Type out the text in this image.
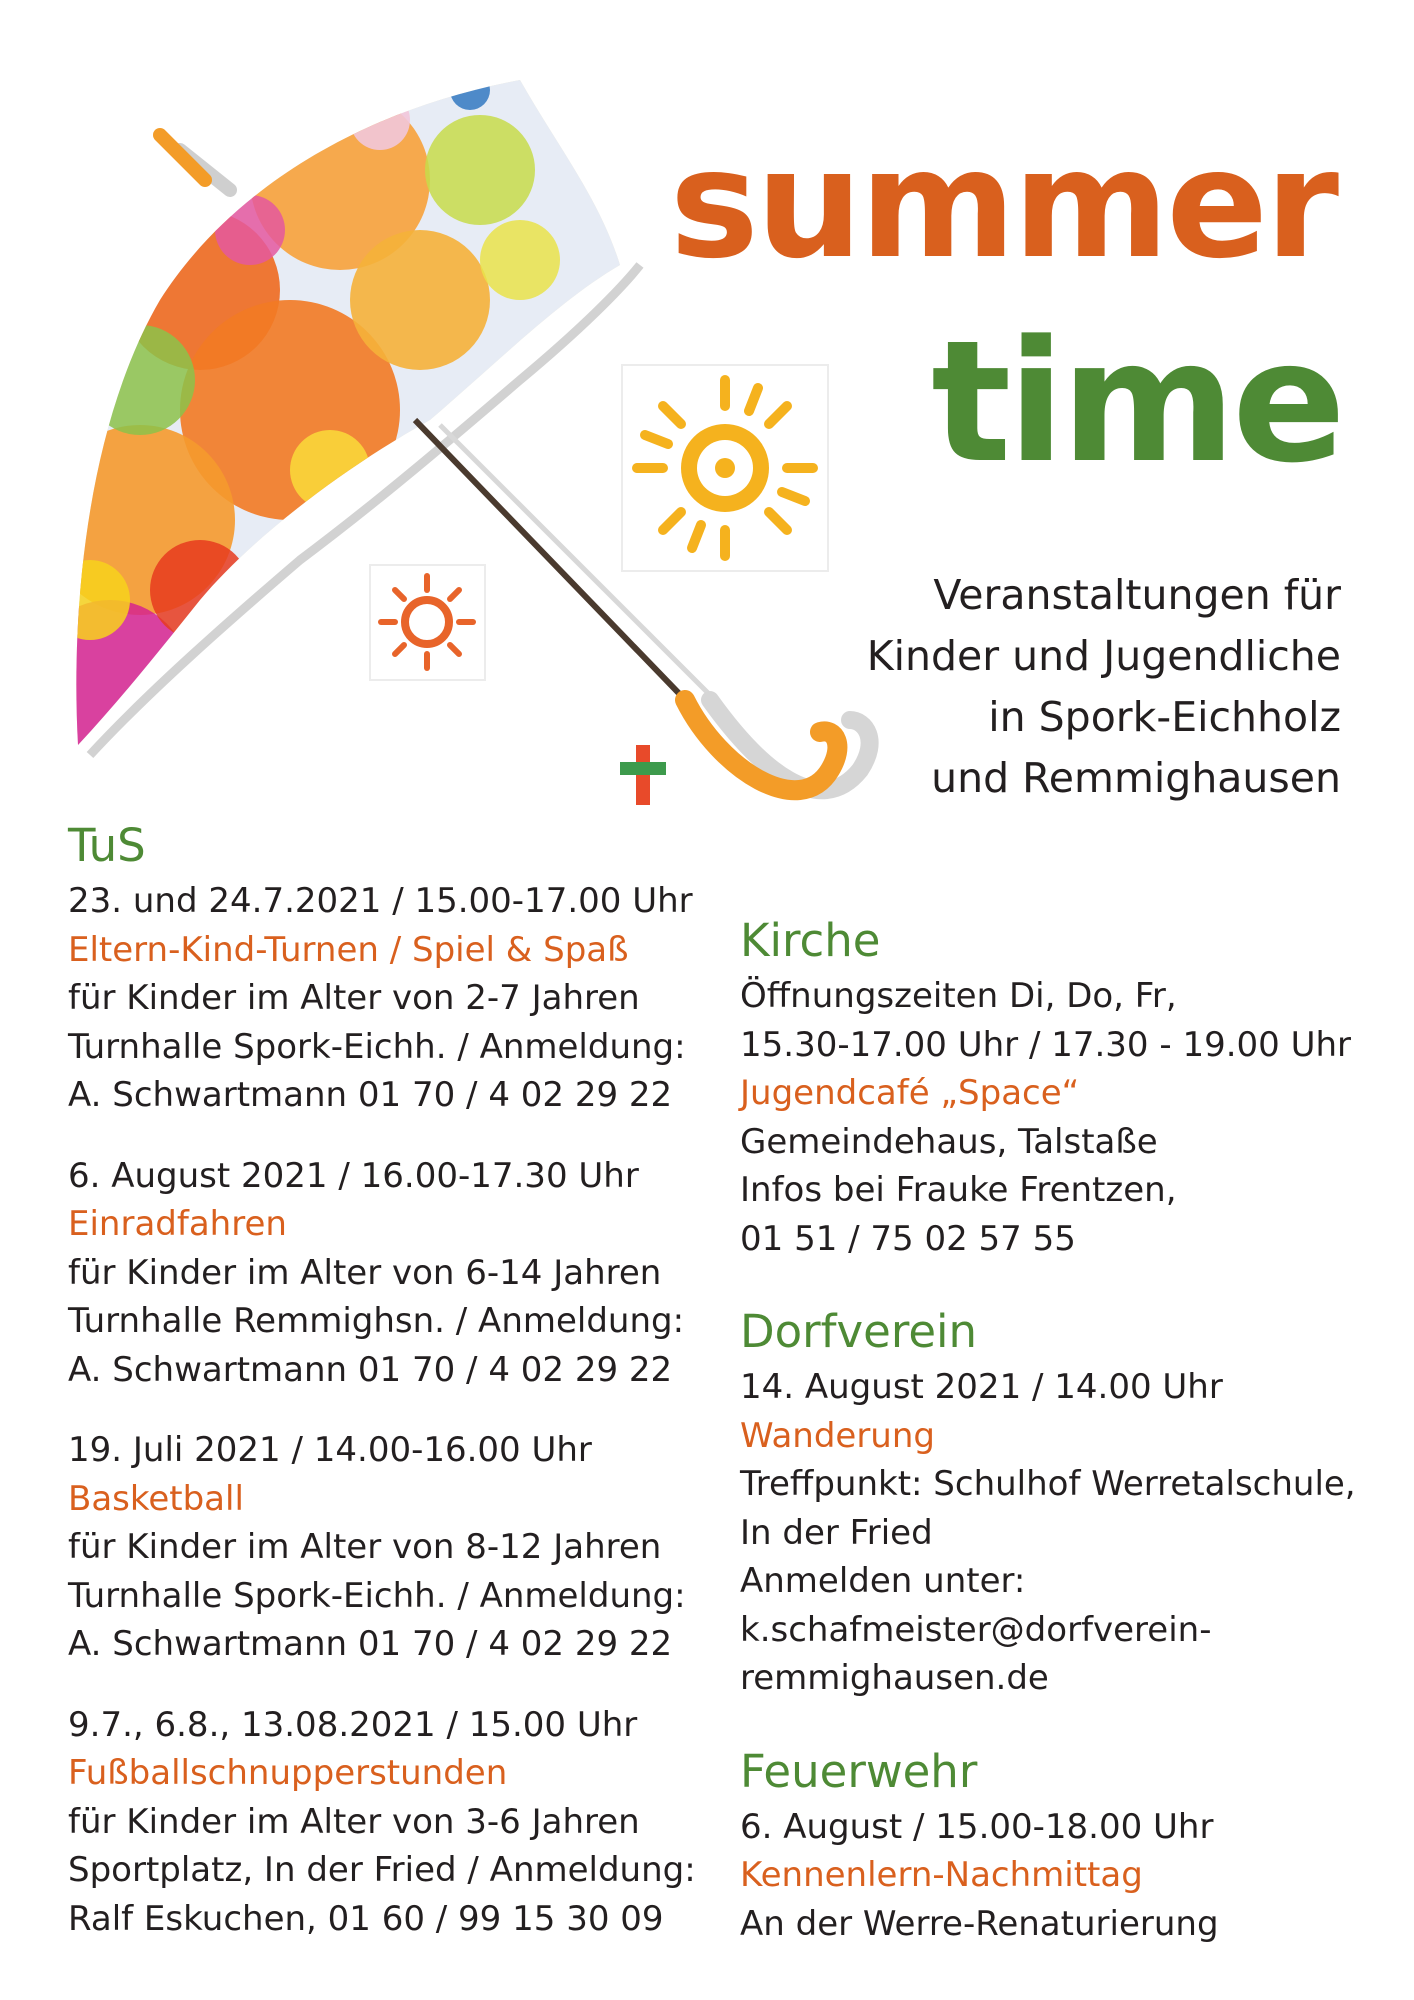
summer
time
Veranstaltungen für
Kinder und Jugendliche
in Spork-Eichholz
und Remmighausen
TuS
23. und 24.7.2021 / 15.00-17.00 Uhr
Eltern-Kind-Turnen / Spiel & Spaß
für Kinder im Alter von 2-7 Jahren
Turnhalle Spork-Eichh. / Anmeldung:
A. Schwartmann 01 70 / 4 02 29 22
6. August 2021 / 16.00-17.30 Uhr
Einradfahren
für Kinder im Alter von 6-14 Jahren
Turnhalle Remmighsn. / Anmeldung:
A. Schwartmann 01 70 / 4 02 29 22
19. Juli 2021 / 14.00-16.00 Uhr
Basketball
für Kinder im Alter von 8-12 Jahren
Turnhalle Spork-Eichh. / Anmeldung:
A. Schwartmann 01 70 / 4 02 29 22
9.7., 6.8., 13.08.2021 / 15.00 Uhr
Fußballschnupperstunden
für Kinder im Alter von 3-6 Jahren
Sportplatz, In der Fried / Anmeldung:
Ralf Eskuchen, 01 60 / 99 15 30 09
Kirche
Öffnungszeiten Di, Do, Fr,
15.30-17.00 Uhr / 17.30 - 19.00 Uhr
Jugendcafé „Space“
Gemeindehaus, Talstaße
Infos bei Frauke Frentzen,
01 51 / 75 02 57 55
Dorfverein
14. August 2021 / 14.00 Uhr
Wanderung
Treffpunkt: Schulhof Werretalschule,
In der Fried
Anmelden unter:
k.schafmeister@dorfverein-
remmighausen.de
Feuerwehr
6. August / 15.00-18.00 Uhr
Kennenlern-Nachmittag
An der Werre-Renaturierung
